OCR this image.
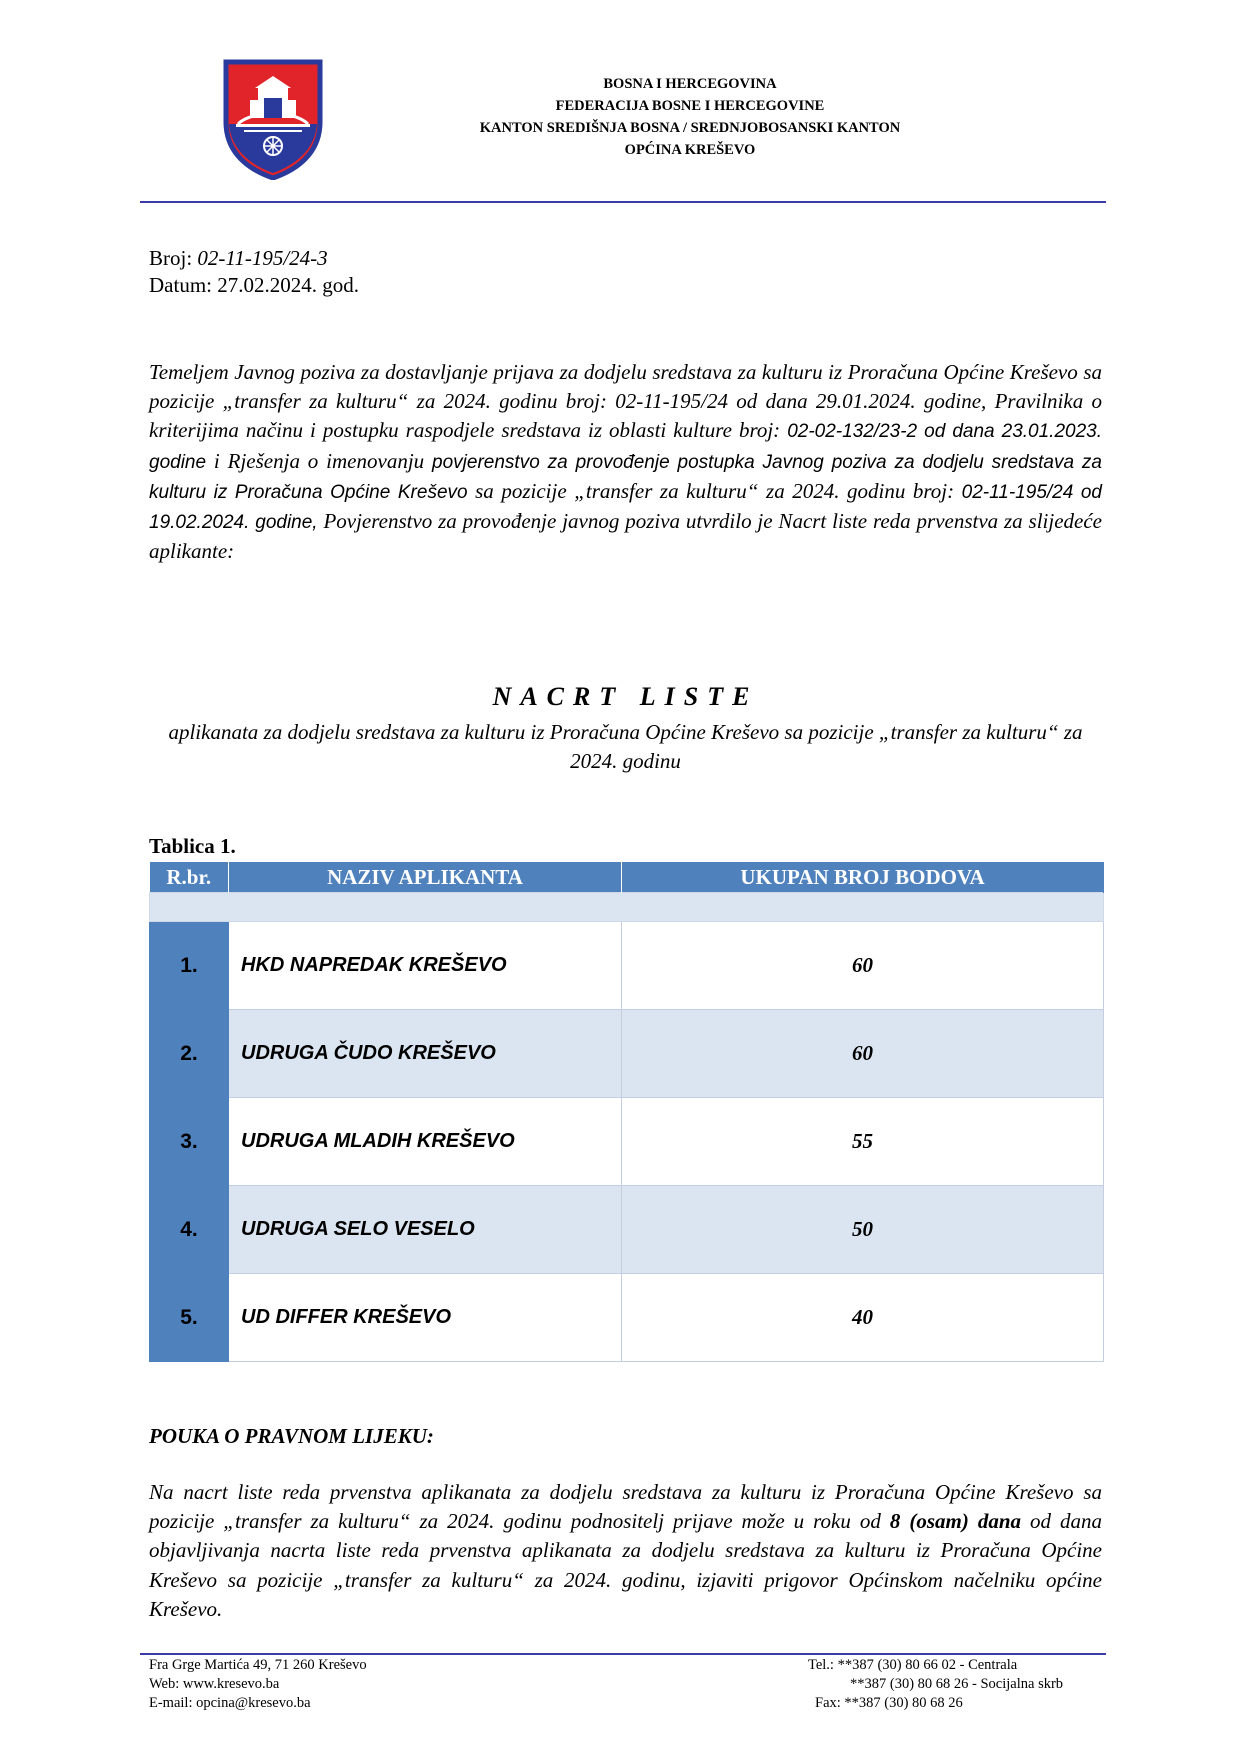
BOSNA I HERCEGOVINA
FEDERACIJA BOSNE I HERCEGOVINE
KANTON SREDIŠNJA BOSNA / SREDNJOBOSANSKI KANTON
OPĆINA KREŠEVO
Broj: 02-11-195/24-3
Datum: 27.02.2024. god.

Temeljem Javnog poziva za dostavljanje prijava za dodjelu sredstava za kulturu iz Proračuna Općine Kreševo sa pozicije „transfer za kulturu“ za 2024. godinu broj: 02-11-195/24 od dana 29.01.2024. godine, Pravilnika o kriterijima načinu i postupku raspodjele sredstava iz oblasti kulture broj: 02-02-132/23-2 od dana 23.01.2023. godine i Rješenja o imenovanju povjerenstvo za provođenje postupka Javnog poziva za dodjelu sredstava za kulturu iz Proračuna Općine Kreševo sa pozicije „transfer za kulturu“ za 2024. godinu broj: 02-11-195/24 od 19.02.2024. godine, Povjerenstvo za provođenje javnog poziva utvrdilo je Nacrt liste reda prvenstva za slijedeće aplikante:

NACRT LISTE
aplikanata za dodjelu sredstava za kulturu iz Proračuna Općine Kreševo sa pozicije „transfer za kulturu“ za 2024. godinu
Tablica 1.
R.br.	NAZIV APLIKANTA	UKUPAN BROJ BODOVA

1.	HKD NAPREDAK KREŠEVO	60
2.	UDRUGA ČUDO KREŠEVO	60
3.	UDRUGA MLADIH KREŠEVO	55
4.	UDRUGA SELO VESELO	50
5.	UD DIFFER KREŠEVO	40
POUKA O PRAVNOM LIJEKU:

Na nacrt liste reda prvenstva aplikanata za dodjelu sredstava za kulturu iz Proračuna Općine Kreševo sa pozicije „transfer za kulturu“ za 2024. godinu podnositelj prijave može u roku od 8 (osam) dana od dana objavljivanja nacrta liste reda prvenstva aplikanata za dodjelu sredstava za kulturu iz Proračuna Općine Kreševo sa pozicije „transfer za kulturu“ za 2024. godinu, izjaviti prigovor Općinskom načelniku općine Kreševo.

Fra Grge Martića 49, 71 260 Kreševo
Web: www.kresevo.ba
E-mail: opcina@kresevo.ba
Tel.: **387 (30) 80 66 02 - Centrala
**387 (30) 80 68 26 - Socijalna skrb
Fax: **387 (30) 80 68 26
